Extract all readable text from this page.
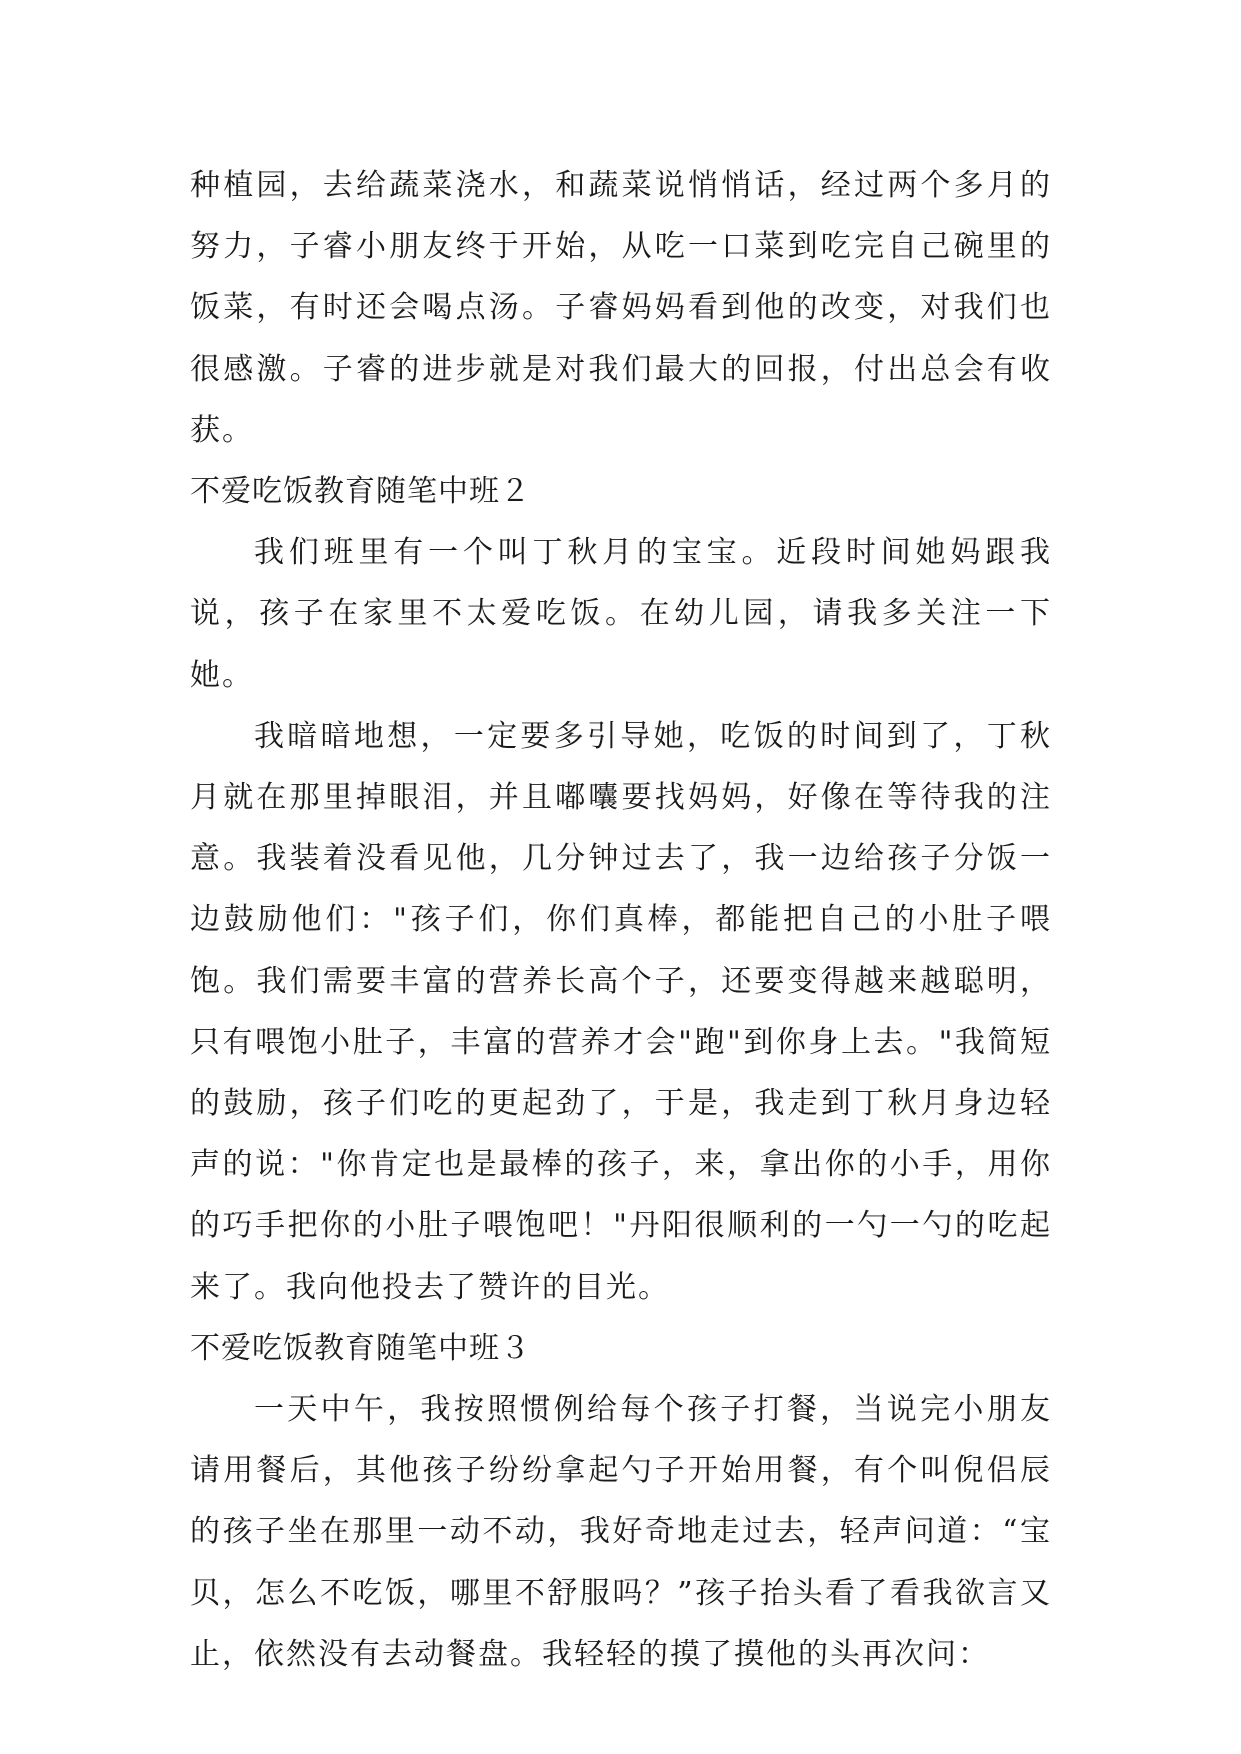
种植园，去给蔬菜浇水，和蔬菜说悄悄话，经过两个多月的努力，子睿小朋友终于开始，从吃一口菜到吃完自己碗里的饭菜，有时还会喝点汤。子睿妈妈看到他的改变，对我们也很感激。子睿的进步就是对我们最大的回报，付出总会有收获。

不爱吃饭教育随笔中班２

我们班里有一个叫丁秋月的宝宝。近段时间她妈跟我说，孩子在家里不太爱吃饭。在幼儿园，请我多关注一下她。

我暗暗地想，一定要多引导她，吃饭的时间到了，丁秋月就在那里掉眼泪，并且嘟囔要找妈妈，好像在等待我的注意。我装着没看见他，几分钟过去了，我一边给孩子分饭一边鼓励他们："孩子们，你们真棒，都能把自己的小肚子喂饱。我们需要丰富的营养长高个子，还要变得越来越聪明，只有喂饱小肚子，丰富的营养才会"跑"到你身上去。"我简短的鼓励，孩子们吃的更起劲了，于是，我走到丁秋月身边轻声的说："你肯定也是最棒的孩子，来，拿出你的小手，用你的巧手把你的小肚子喂饱吧！"丹阳很顺利的一勺一勺的吃起来了。我向他投去了赞许的目光。

不爱吃饭教育随笔中班３

一天中午，我按照惯例给每个孩子打餐，当说完小朋友请用餐后，其他孩子纷纷拿起勺子开始用餐，有个叫倪侣辰的孩子坐在那里一动不动，我好奇地走过去，轻声问道：“宝贝，怎么不吃饭，哪里不舒服吗？”孩子抬头看了看我欲言又止，依然没有去动餐盘。我轻轻的摸了摸他的头再次问：
